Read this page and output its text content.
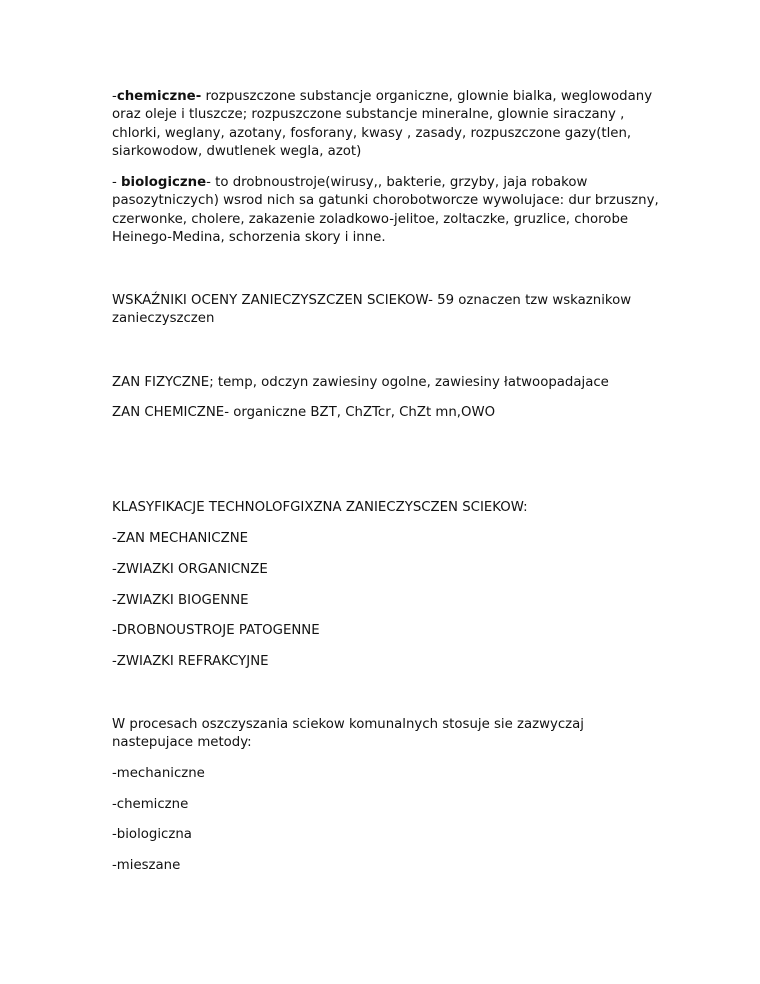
-chemiczne- rozpuszczone substancje organiczne, glownie bialka, weglowodany oraz oleje i tluszcze; rozpuszczone substancje mineralne, glownie siraczany , chlorki, weglany, azotany, fosforany, kwasy , zasady, rozpuszczone gazy(tlen, siarkowodow, dwutlenek wegla, azot)

- biologiczne- to drobnoustroje(wirusy,, bakterie, grzyby, jaja robakow pasozytniczych) wsrod nich sa gatunki chorobotworcze wywolujace: dur brzuszny, czerwonke, cholere, zakazenie zoladkowo-jelitoe, zoltaczke, gruzlice, chorobe Heinego-Medina, schorzenia skory i inne.

WSKAŹNIKI OCENY ZANIECZYSZCZEN SCIEKOW- 59 oznaczen tzw wskaznikow zanieczyszczen

ZAN FIZYCZNE; temp, odczyn zawiesiny ogolne, zawiesiny łatwoopadajace

ZAN CHEMICZNE- organiczne BZT, ChZTcr, ChZt mn,OWO

KLASYFIKACJE TECHNOLOFGIXZNA ZANIECZYSCZEN SCIEKOW:

-ZAN MECHANICZNE

-ZWIAZKI ORGANICNZE

-ZWIAZKI BIOGENNE

-DROBNOUSTROJE PATOGENNE

-ZWIAZKI REFRAKCYJNE

W procesach oszczyszania sciekow komunalnych stosuje sie zazwyczaj nastepujace metody:

-mechaniczne

-chemiczne

-biologiczna

-mieszane
